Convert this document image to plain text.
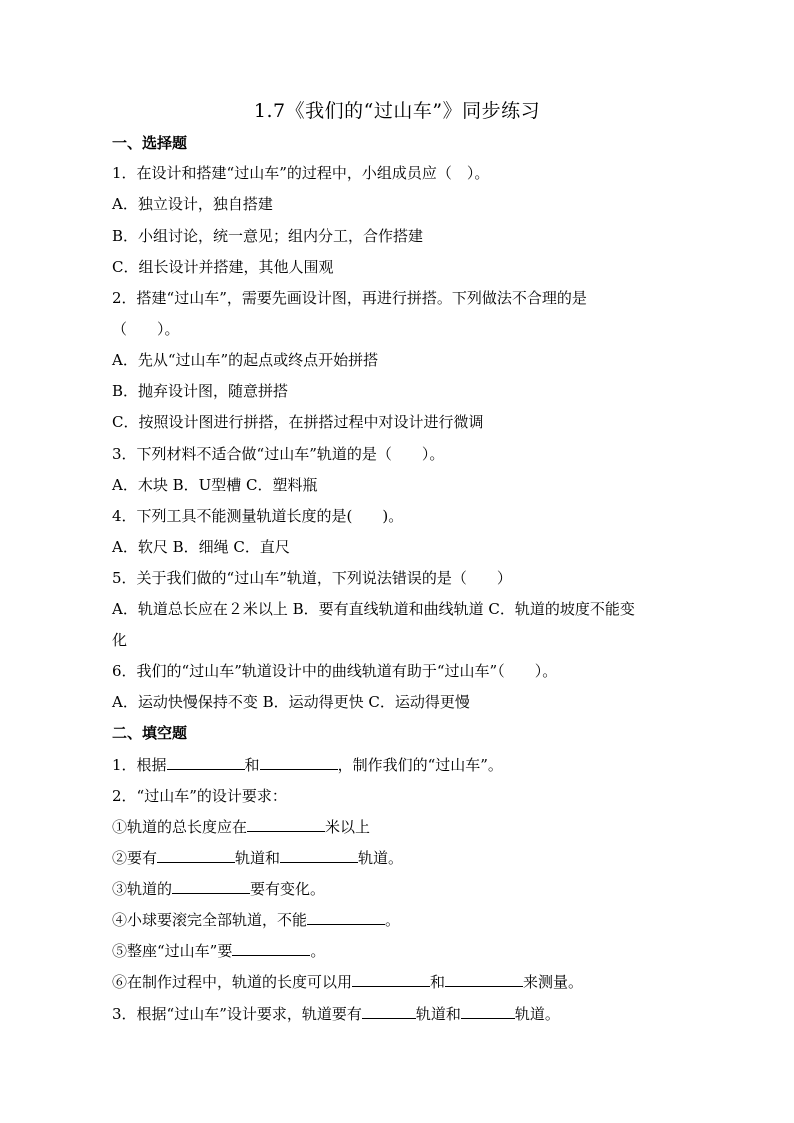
1.7《我们的“过山车”》同步练习
一、选择题
1．在设计和搭建“过山车”的过程中，小组成员应（　）。
A．独立设计，独自搭建
B．小组讨论，统一意见；组内分工，合作搭建
C．组长设计并搭建，其他人围观
2．搭建“过山车”，需要先画设计图，再进行拼搭。下列做法不合理的是
（　　）。
A．先从“过山车”的起点或终点开始拼搭
B．抛弃设计图，随意拼搭
C．按照设计图进行拼搭，在拼搭过程中对设计进行微调
3．下列材料不适合做“过山车”轨道的是（　　）。
A．木块 B．U型槽 C．塑料瓶
4．下列工具不能测量轨道长度的是(　　)。
A．软尺 B．细绳 C．直尺
5．关于我们做的“过山车”轨道，下列说法错误的是（　　）
A．轨道总长应在２米以上 B．要有直线轨道和曲线轨道 C．轨道的坡度不能变
化
6．我们的“过山车”轨道设计中的曲线轨道有助于“过山车”（　　）。
A．运动快慢保持不变 B．运动得更快 C．运动得更慢
二、填空题
1．根据	和	，制作我们的“过山车”。
2．“过山车”的设计要求：
①轨道的总长度应在	米以上
②要有	轨道和	轨道。
③轨道的	要有变化。
④小球要滚完全部轨道，不能	。
⑤整座“过山车”要	。
⑥在制作过程中，轨道的长度可以用	和	来测量。
3．根据“过山车”设计要求，轨道要有	轨道和	轨道。
